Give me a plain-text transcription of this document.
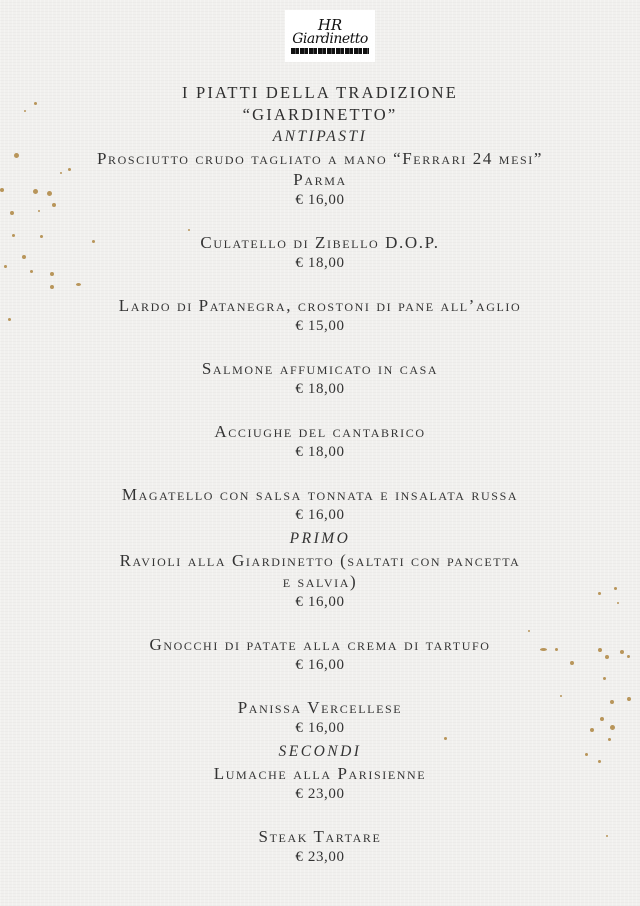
HR
Giardinetto
I PIATTI DELLA TRADIZIONE
“GIARDINETTO”
ANTIPASTI
Prosciutto crudo tagliato a mano “Ferrari 24 mesi” Parma
€ 16,00
Culatello di Zibello D.O.P.
€ 18,00
Lardo di Patanegra, crostoni di pane all’aglio
€ 15,00
Salmone affumicato in casa
€ 18,00
Acciughe del cantabrico
€ 18,00
Magatello con salsa tonnata e insalata russa
€ 16,00
PRIMO
Ravioli alla Giardinetto (saltati con pancetta e salvia)
€ 16,00
Gnocchi di patate alla crema di tartufo
€ 16,00
Panissa Vercellese
€ 16,00
SECONDI
Lumache alla Parisienne
€ 23,00
Steak Tartare
€ 23,00
